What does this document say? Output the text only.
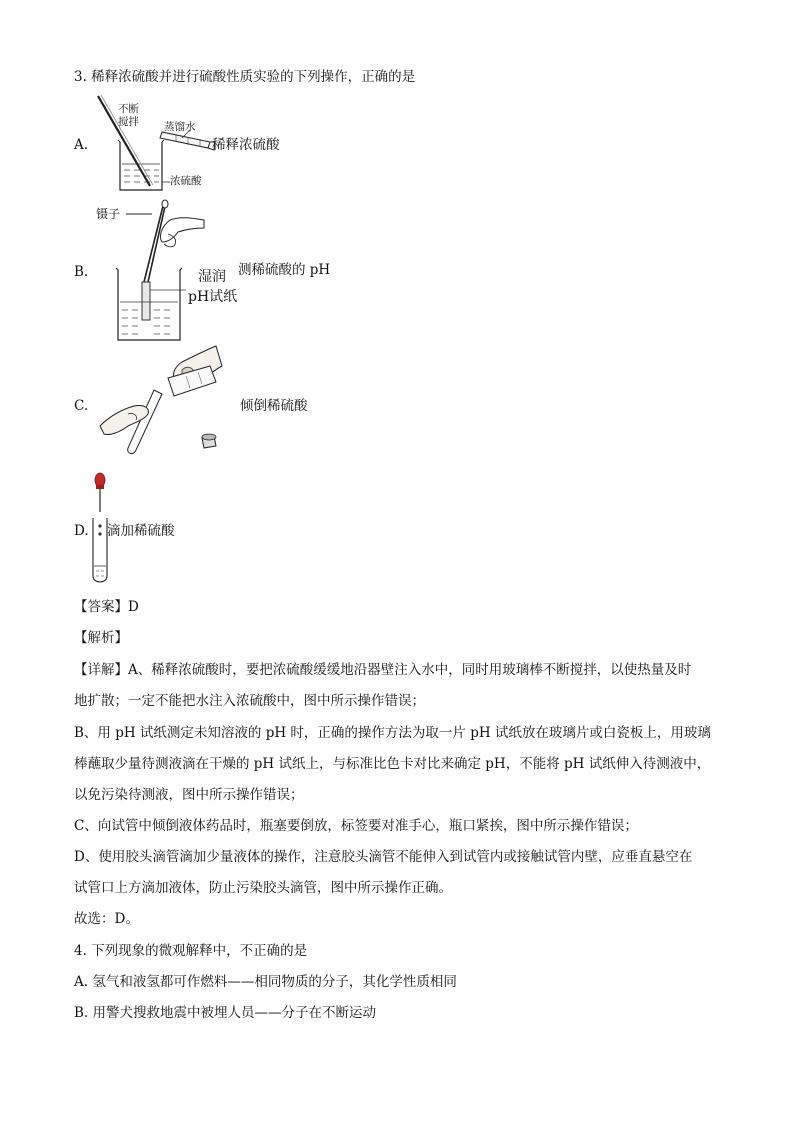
3. 稀释浓硫酸并进行硫酸性质实验的下列操作，正确的是
A.
不断
搅拌 蒸馏水
浓硫酸
稀释浓硫酸
B.
镊子
湿润
pH试纸
测稀硫酸的 pH
C.	倾倒稀硫酸
D. 滴加稀硫酸
【答案】D
【解析】
【详解】A、稀释浓硫酸时，要把浓硫酸缓缓地沿器壁注入水中，同时用玻璃棒不断搅拌，以使热量及时
地扩散；一定不能把水注入浓硫酸中，图中所示操作错误；
B、用 pH 试纸测定未知溶液的 pH 时，正确的操作方法为取一片 pH 试纸放在玻璃片或白瓷板上，用玻璃
棒蘸取少量待测液滴在干燥的 pH 试纸上，与标准比色卡对比来确定 pH，不能将 pH 试纸伸入待测液中，
以免污染待测液，图中所示操作错误；
C、向试管中倾倒液体药品时，瓶塞要倒放，标签要对准手心，瓶口紧挨，图中所示操作错误；
D、使用胶头滴管滴加少量液体的操作，注意胶头滴管不能伸入到试管内或接触试管内壁，应垂直悬空在
试管口上方滴加液体，防止污染胶头滴管，图中所示操作正确。
故选：D。
4. 下列现象的微观解释中，不正确的是
A. 氢气和液氢都可作燃料——相同物质的分子，其化学性质相同
B. 用警犬搜救地震中被埋人员——分子在不断运动
